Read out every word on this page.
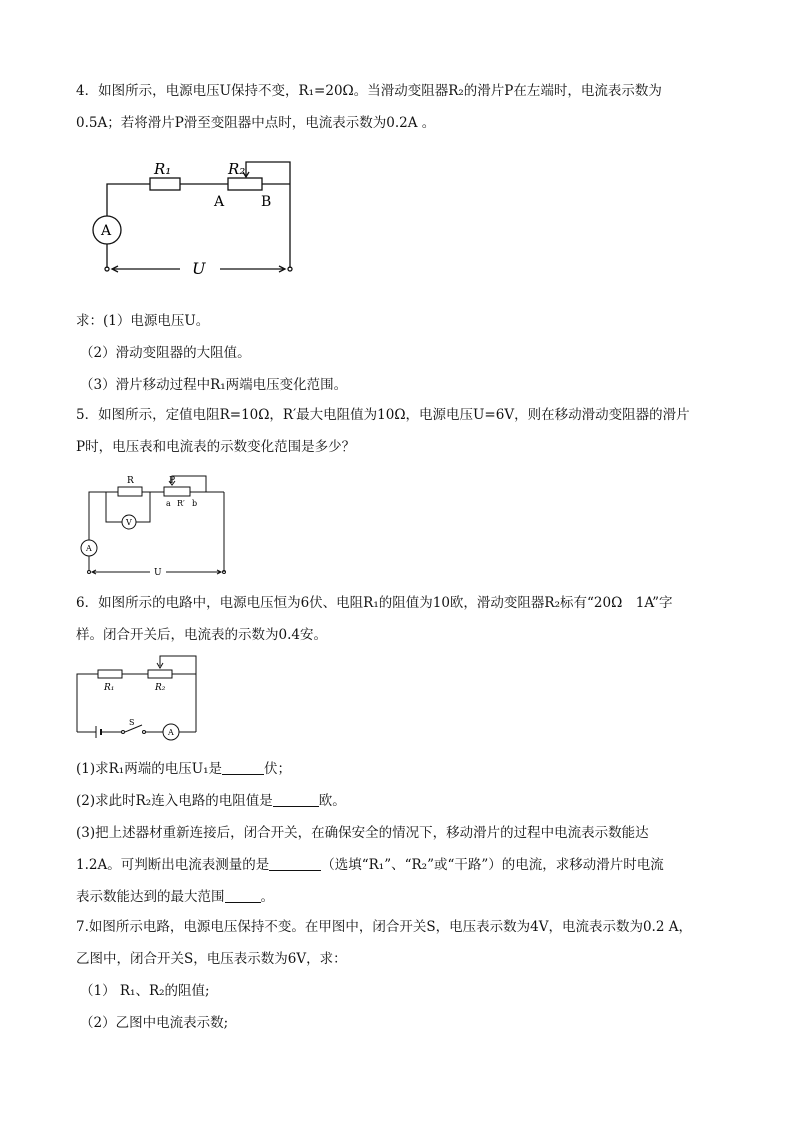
4．如图所示，电源电压U保持不变，R₁=20Ω。当滑动变阻器R₂的滑片P在左端时，电流表示数为
0.5A；若将滑片P滑至变阻器中点时，电流表示数为0.2A 。
R₁	R₂
A	B
A
U
求：(1）电源电压U。
（2）滑动变阻器的大阻值。
（3）滑片移动过程中R₁两端电压变化范围。
5．如图所示，定值电阻R=10Ω，R′最大电阻值为10Ω，电源电压U=6V，则在移动滑动变阻器的滑片
P时，电压表和电流表的示数变化范围是多少？
R	P
a R′ b
V
A
U
6．如图所示的电路中，电源电压恒为6伏、电阻R₁的阻值为10欧，滑动变阻器R₂标有“20Ω　1A”字
样。闭合开关后，电流表的示数为0.4安。
R₁	R₂
S
A
(1)求R₁两端的电压U₁是	伏；
(2)求此时R₂连入电路的电阻值是	欧。
(3)把上述器材重新连接后，闭合开关，在确保安全的情况下，移动滑片的过程中电流表示数能达
1.2A。可判断出电流表测量的是	（选填“R₁”、“R₂”或“干路”）的电流，求移动滑片时电流
表示数能达到的最大范围	。
7.如图所示电路，电源电压保持不变。在甲图中，闭合开关S，电压表示数为4V，电流表示数为0.2 A，
乙图中，闭合开关S，电压表示数为6V，求：
（1） R₁、R₂的阻值;
（2）乙图中电流表示数;
